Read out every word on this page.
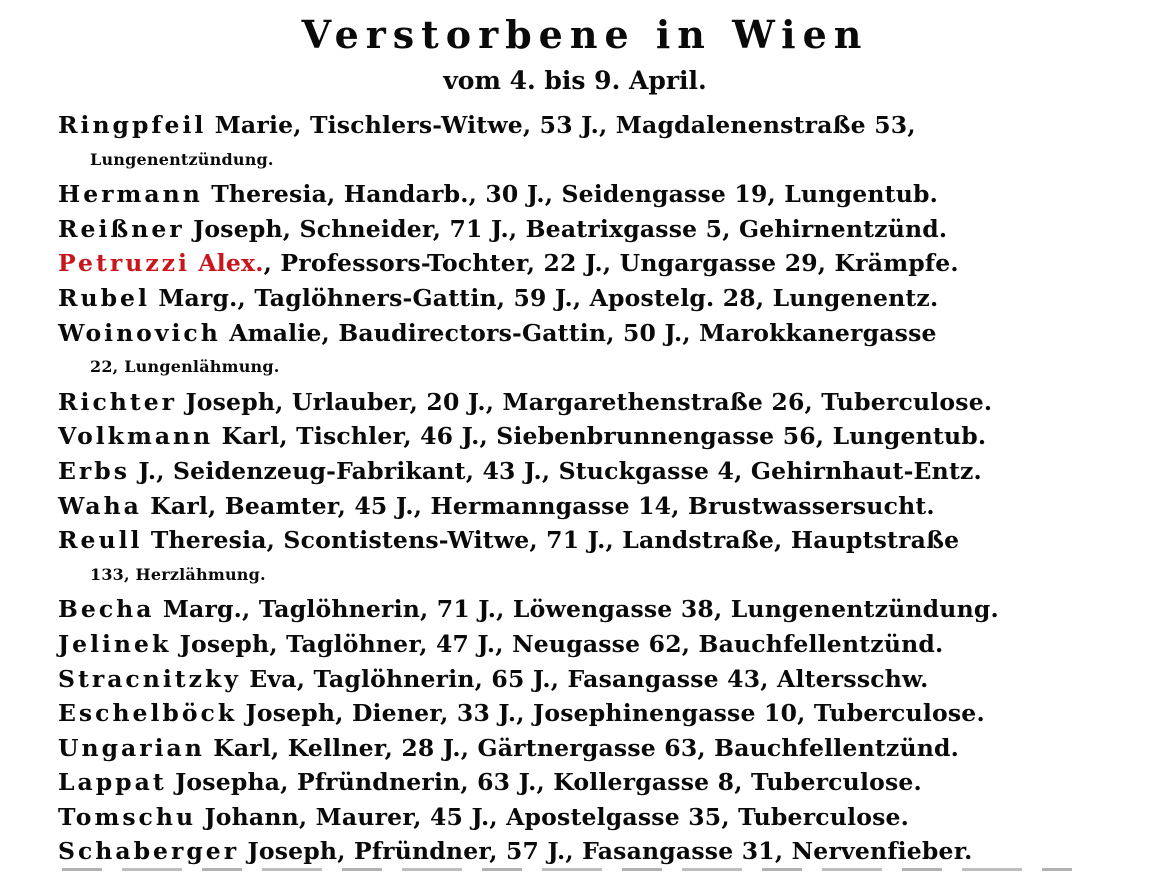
Verstorbene in Wien
vom 4. bis 9. April.
Ringpfeil Marie, Tischlers-Witwe, 53 J., Magdalenenstraße 53,
Lungenentzündung.
Hermann Theresia, Handarb., 30 J., Seidengasse 19, Lungentub.
Reißner Joseph, Schneider, 71 J., Beatrixgasse 5, Gehirnentzünd.
Petruzzi Alex., Professors-Tochter, 22 J., Ungargasse 29, Krämpfe.
Rubel Marg., Taglöhners-Gattin, 59 J., Apostelg. 28, Lungenentz.
Woinovich Amalie, Baudirectors-Gattin, 50 J., Marokkanergasse
22, Lungenlähmung.
Richter Joseph, Urlauber, 20 J., Margarethenstraße 26, Tuberculose.
Volkmann Karl, Tischler, 46 J., Siebenbrunnengasse 56, Lungentub.
Erbs J., Seidenzeug-Fabrikant, 43 J., Stuckgasse 4, Gehirnhaut-Entz.
Waha Karl, Beamter, 45 J., Hermanngasse 14, Brustwassersucht.
Reull Theresia, Scontistens-Witwe, 71 J., Landstraße, Hauptstraße
133, Herzlähmung.
Becha Marg., Taglöhnerin, 71 J., Löwengasse 38, Lungenentzündung.
Jelinek Joseph, Taglöhner, 47 J., Neugasse 62, Bauchfellentzünd.
Stracnitzky Eva, Taglöhnerin, 65 J., Fasangasse 43, Altersschw.
Eschelböck Joseph, Diener, 33 J., Josephinengasse 10, Tuberculose.
Ungarian Karl, Kellner, 28 J., Gärtnergasse 63, Bauchfellentzünd.
Lappat Josepha, Pfründnerin, 63 J., Kollergasse 8, Tuberculose.
Tomschu Johann, Maurer, 45 J., Apostelgasse 35, Tuberculose.
Schaberger Joseph, Pfründner, 57 J., Fasangasse 31, Nervenfieber.
